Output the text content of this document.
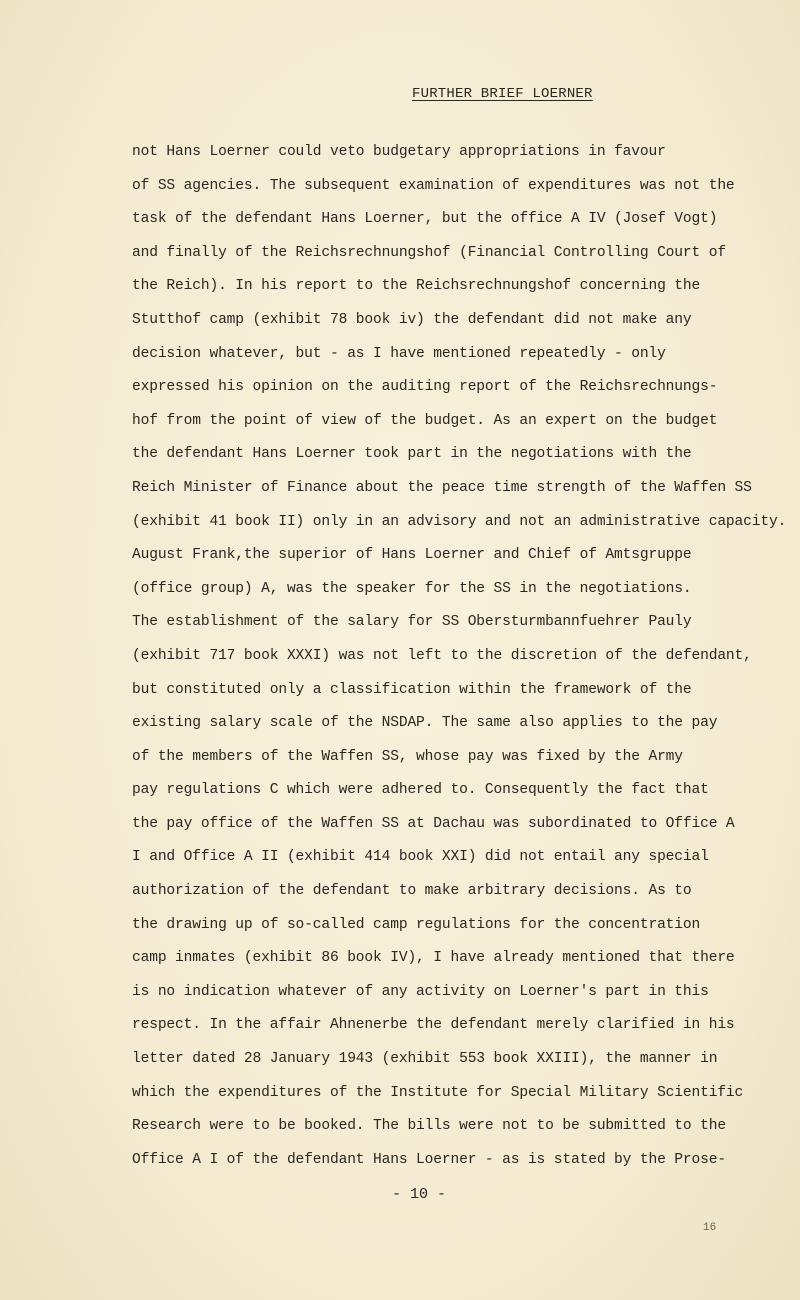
FURTHER BRIEF LOERNER
not Hans Loerner could veto budgetary appropriations in favour
of SS agencies. The subsequent examination of expenditures was not the
task of the defendant Hans Loerner, but the office A IV (Josef Vogt)
and finally of the Reichsrechnungshof (Financial Controlling Court of
the Reich). In his report to the Reichsrechnungshof concerning the
Stutthof camp (exhibit 78 book iv) the defendant did not make any
decision whatever, but - as I have mentioned repeatedly - only
expressed his opinion on the auditing report of the Reichsrechnungs-
hof from the point of view of the budget. As an expert on the budget
the defendant Hans Loerner took part in the negotiations with the
Reich Minister of Finance about the peace time strength of the Waffen SS
(exhibit 41 book II) only in an advisory and not an administrative capacity.
August Frank,the superior of Hans Loerner and Chief of Amtsgruppe
(office group) A, was the speaker for the SS in the negotiations.
The establishment of the salary for SS Obersturmbannfuehrer Pauly
(exhibit 717 book XXXI) was not left to the discretion of the defendant,
but constituted only a classification within the framework of the
existing salary scale of the NSDAP. The same also applies to the pay
of the members of the Waffen SS, whose pay was fixed by the Army
pay regulations C which were adhered to. Consequently the fact that
the pay office of the Waffen SS at Dachau was subordinated to Office A
I and Office A II (exhibit 414 book XXI) did not entail any special
authorization of the defendant to make arbitrary decisions. As to
the drawing up of so-called camp regulations for the concentration
camp inmates (exhibit 86 book IV), I have already mentioned that there
is no indication whatever of any activity on Loerner's part in this
respect. In the affair Ahnenerbe the defendant merely clarified in his
letter dated 28 January 1943 (exhibit 553 book XXIII), the manner in
which the expenditures of the Institute for Special Military Scientific
Research were to be booked. The bills were not to be submitted to the
Office A I of the defendant Hans Loerner - as is stated by the Prose-
- 10 -
16
